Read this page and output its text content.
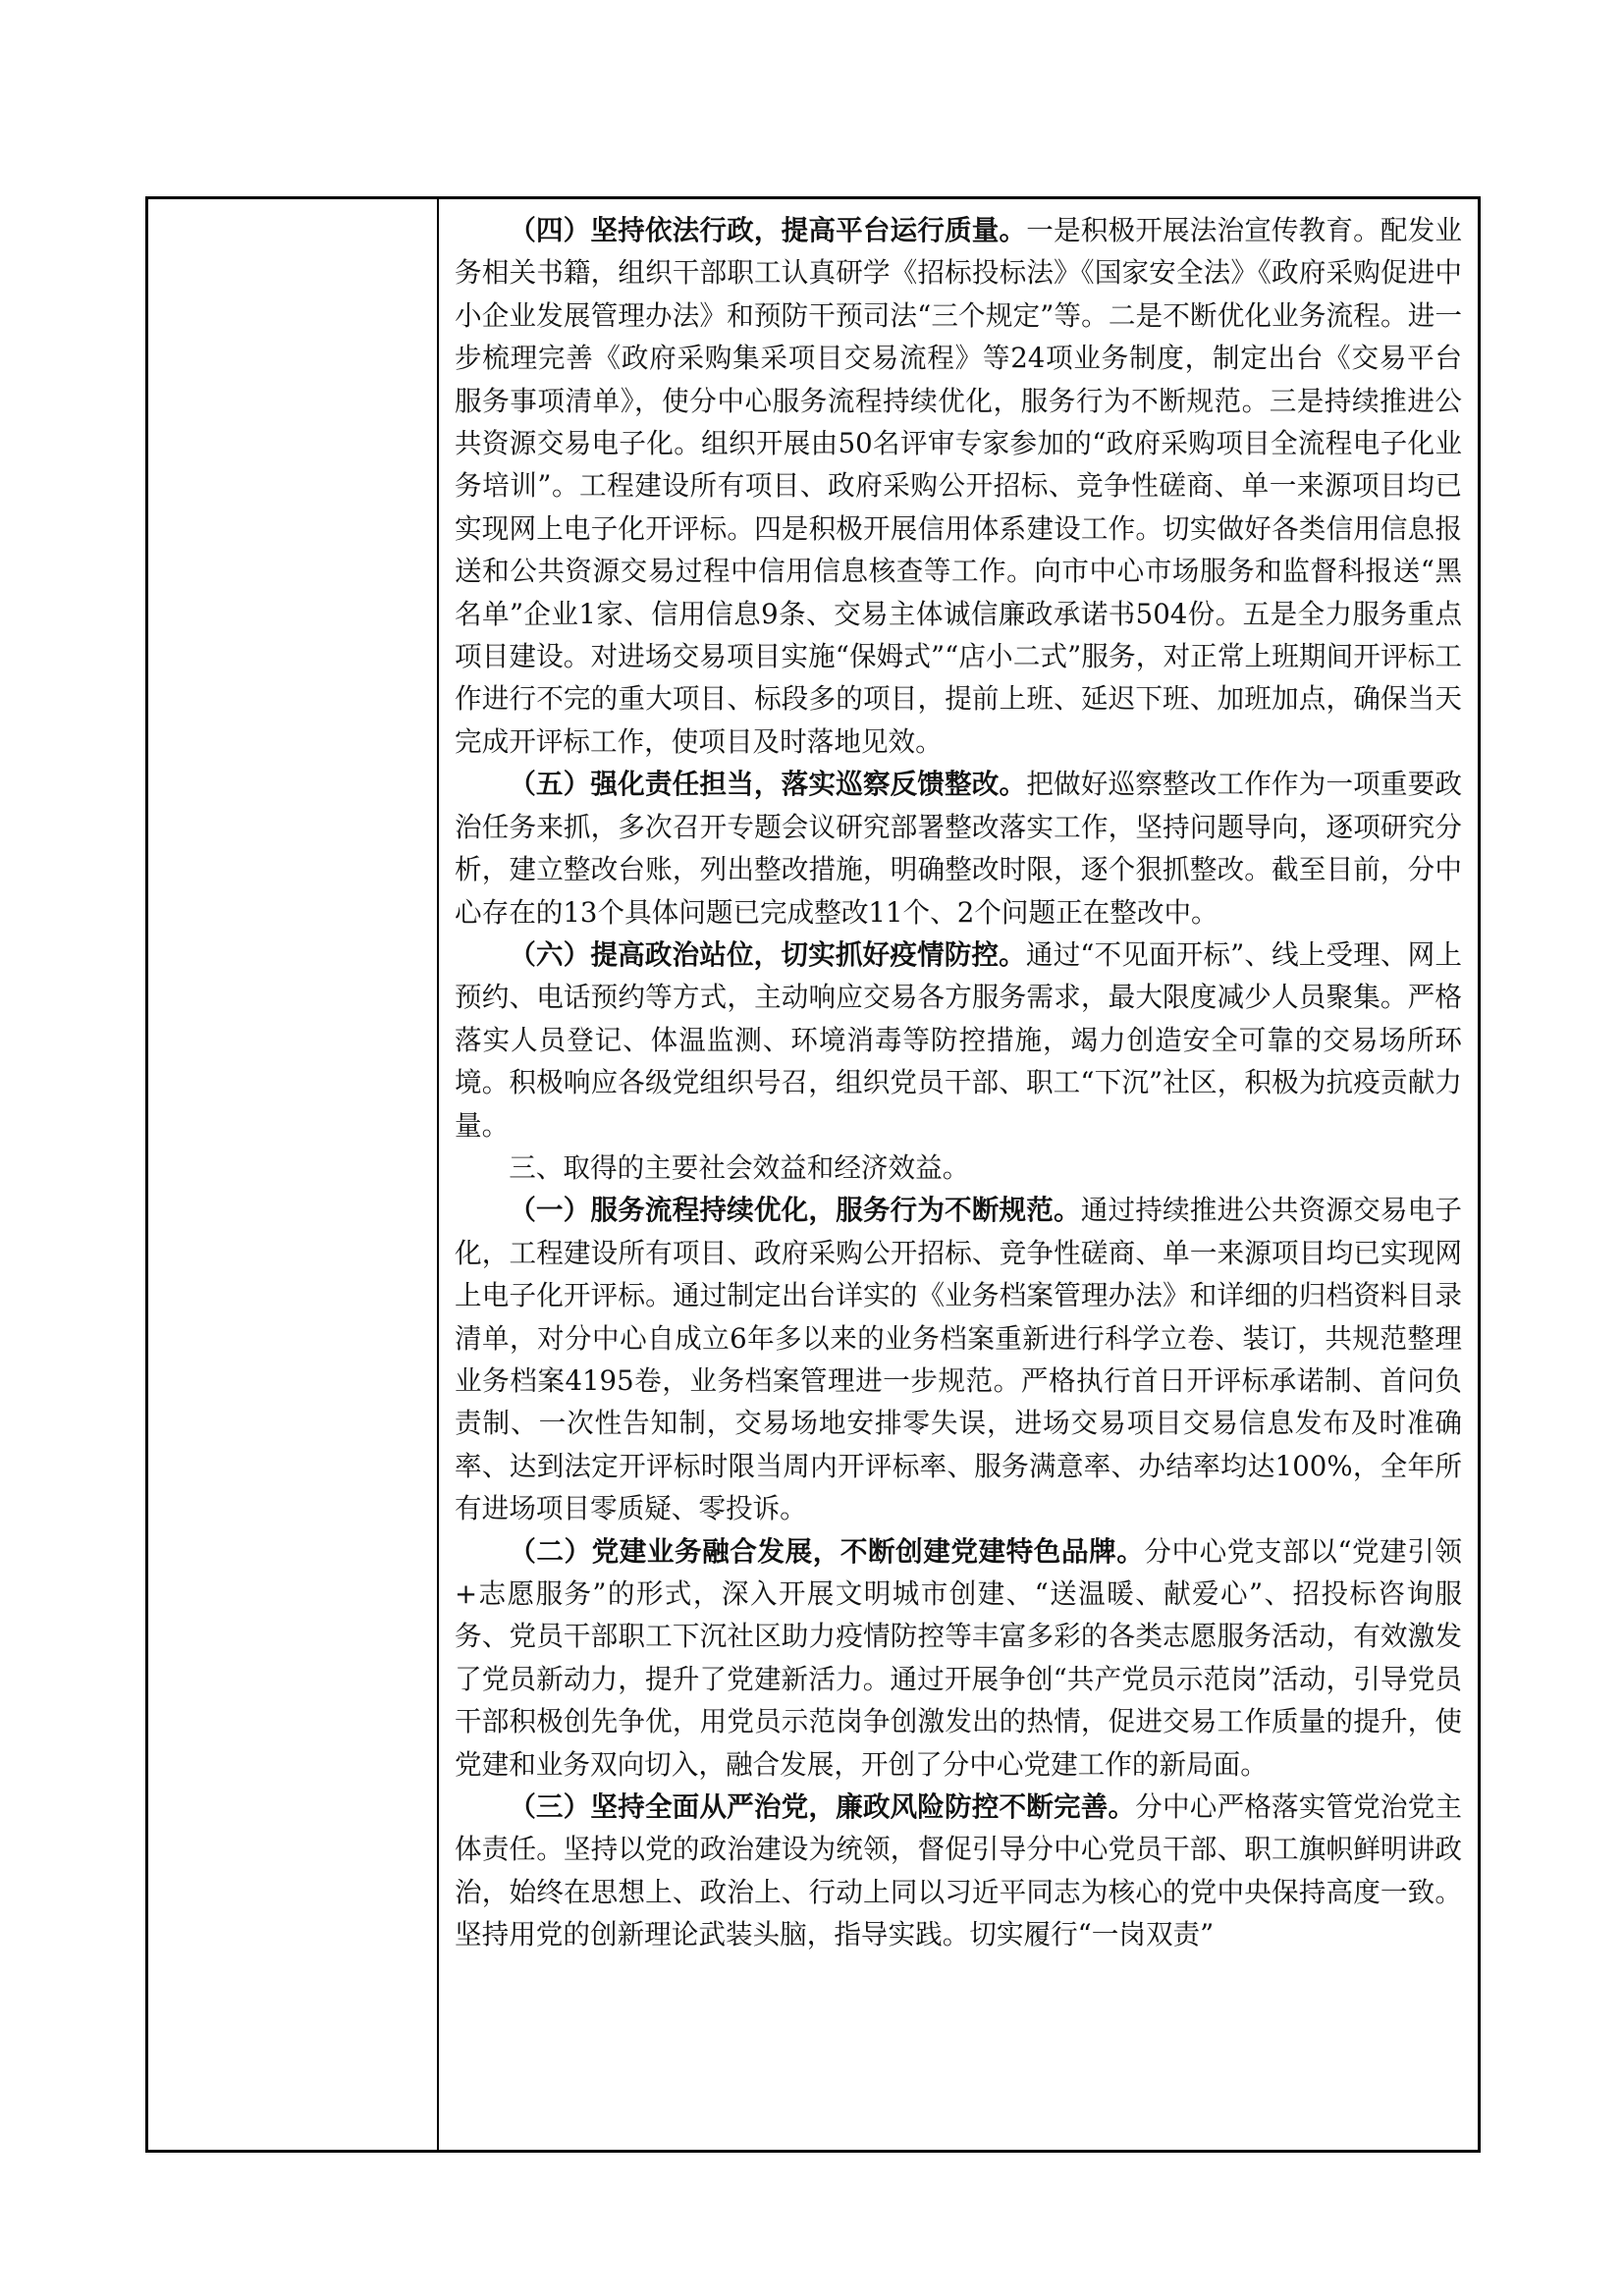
（四）坚持依法行政，提高平台运行质量。一是积极开展法治宣传教育。配发业务相关书籍，组织干部职工认真研学《招标投标法》《国家安全法》《政府采购促进中小企业发展管理办法》和预防干预司法“三个规定”等。二是不断优化业务流程。进一步梳理完善《政府采购集采项目交易流程》等24项业务制度，制定出台《交易平台服务事项清单》，使分中心服务流程持续优化，服务行为不断规范。三是持续推进公共资源交易电子化。组织开展由50名评审专家参加的“政府采购项目全流程电子化业务培训”。工程建设所有项目、政府采购公开招标、竞争性磋商、单一来源项目均已实现网上电子化开评标。四是积极开展信用体系建设工作。切实做好各类信用信息报送和公共资源交易过程中信用信息核查等工作。向市中心市场服务和监督科报送“黑名单”企业1家、信用信息9条、交易主体诚信廉政承诺书504份。五是全力服务重点项目建设。对进场交易项目实施“保姆式”“店小二式”服务，对正常上班期间开评标工作进行不完的重大项目、标段多的项目，提前上班、延迟下班、加班加点，确保当天完成开评标工作，使项目及时落地见效。

（五）强化责任担当，落实巡察反馈整改。把做好巡察整改工作作为一项重要政治任务来抓，多次召开专题会议研究部署整改落实工作，坚持问题导向，逐项研究分析，建立整改台账，列出整改措施，明确整改时限，逐个狠抓整改。截至目前，分中心存在的13个具体问题已完成整改11个、2个问题正在整改中。

（六）提高政治站位，切实抓好疫情防控。通过“不见面开标”、线上受理、网上预约、电话预约等方式，主动响应交易各方服务需求，最大限度减少人员聚集。严格落实人员登记、体温监测、环境消毒等防控措施，竭力创造安全可靠的交易场所环境。积极响应各级党组织号召，组织党员干部、职工“下沉”社区，积极为抗疫贡献力量。

三、取得的主要社会效益和经济效益。

（一）服务流程持续优化，服务行为不断规范。通过持续推进公共资源交易电子化，工程建设所有项目、政府采购公开招标、竞争性磋商、单一来源项目均已实现网上电子化开评标。通过制定出台详实的《业务档案管理办法》和详细的归档资料目录清单，对分中心自成立6年多以来的业务档案重新进行科学立卷、装订，共规范整理业务档案4195卷，业务档案管理进一步规范。严格执行首日开评标承诺制、首问负责制、一次性告知制，交易场地安排零失误，进场交易项目交易信息发布及时准确率、达到法定开评标时限当周内开评标率、服务满意率、办结率均达100%，全年所有进场项目零质疑、零投诉。

（二）党建业务融合发展，不断创建党建特色品牌。分中心党支部以“党建引领+志愿服务”的形式，深入开展文明城市创建、“送温暖、献爱心”、招投标咨询服务、党员干部职工下沉社区助力疫情防控等丰富多彩的各类志愿服务活动，有效激发了党员新动力，提升了党建新活力。通过开展争创“共产党员示范岗”活动，引导党员干部积极创先争优，用党员示范岗争创激发出的热情，促进交易工作质量的提升，使党建和业务双向切入，融合发展，开创了分中心党建工作的新局面。

（三）坚持全面从严治党，廉政风险防控不断完善。分中心严格落实管党治党主体责任。坚持以党的政治建设为统领，督促引导分中心党员干部、职工旗帜鲜明讲政治，始终在思想上、政治上、行动上同以习近平同志为核心的党中央保持高度一致。坚持用党的创新理论武装头脑，指导实践。切实履行“一岗双责”
